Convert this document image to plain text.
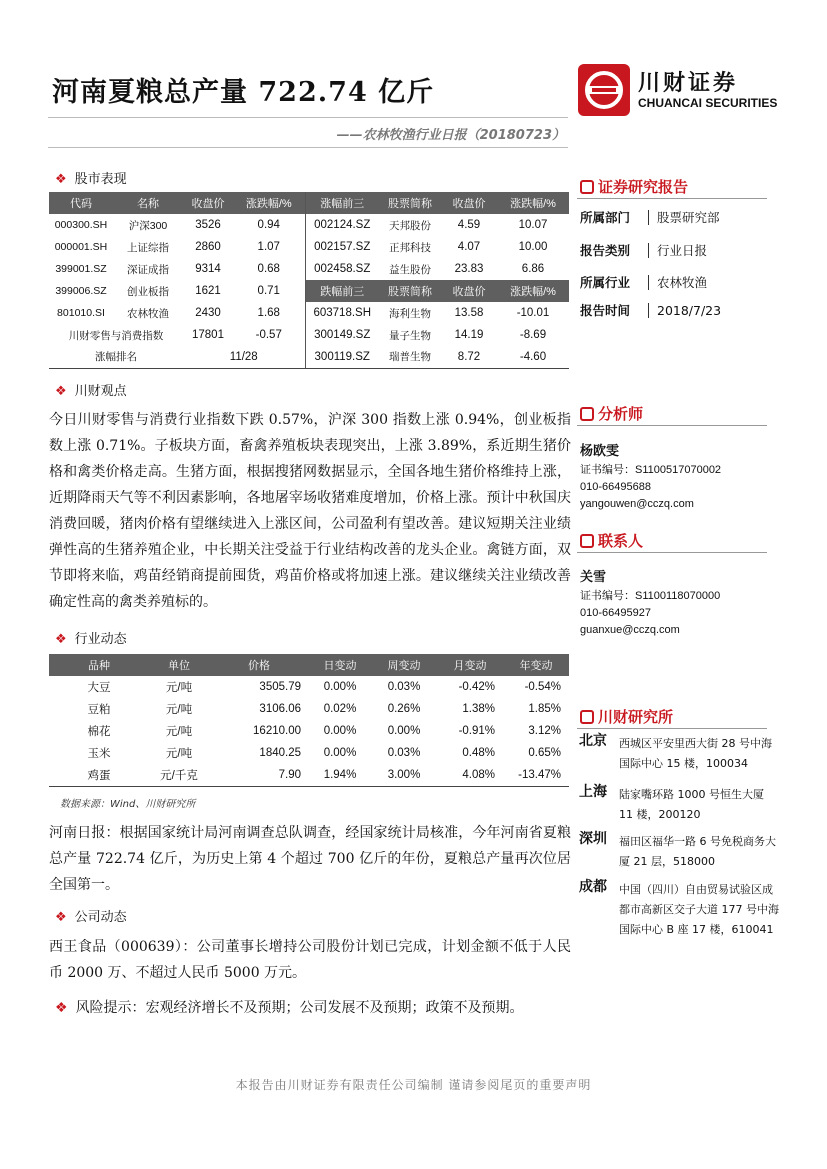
河南夏粮总产量 722.74 亿斤
——农林牧渔行业日报（20180723）
川财证券
CHUANCAI SECURITIES
❖ 股市表现
代码	名称	收盘价	涨跌幅/%	涨幅前三	股票简称	收盘价	涨跌幅/%
000300.SH	沪深300	3526	0.94	002124.SZ	天邦股份	4.59	10.07
000001.SH	上证综指	2860	1.07	002157.SZ	正邦科技	4.07	10.00
399001.SZ	深证成指	9314	0.68	002458.SZ	益生股份	23.83	6.86
399006.SZ	创业板指	1621	0.71	跌幅前三	股票简称	收盘价	涨跌幅/%
801010.SI	农林牧渔	2430	1.68	603718.SH	海利生物	13.58	-10.01
川财零售与消费指数		17801	-0.57	300149.SZ	量子生物	14.19	-8.69
涨幅排名		11/28		300119.SZ	瑞普生物	8.72	-4.60
❖ 川财观点
今日川财零售与消费行业指数下跌 0.57%，沪深 300 指数上涨 0.94%，创业板指数上涨 0.71%。子板块方面，畜禽养殖板块表现突出，上涨 3.89%，系近期生猪价格和禽类价格走高。生猪方面，根据搜猪网数据显示，全国各地生猪价格维持上涨，近期降雨天气等不利因素影响，各地屠宰场收猪难度增加，价格上涨。预计中秋国庆消费回暖，猪肉价格有望继续进入上涨区间，公司盈利有望改善。建议短期关注业绩弹性高的生猪养殖企业，中长期关注受益于行业结构改善的龙头企业。禽链方面，双节即将来临，鸡苗经销商提前囤货，鸡苗价格或将加速上涨。建议继续关注业绩改善确定性高的禽类养殖标的。
❖ 行业动态
品种	单位	价格	日变动	周变动	月变动	年变动
大豆	元/吨	3505.79	0.00%	0.03%	-0.42%	-0.54%
豆粕	元/吨	3106.06	0.02%	0.26%	1.38%	1.85%
棉花	元/吨	16210.00	0.00%	0.00%	-0.91%	3.12%
玉米	元/吨	1840.25	0.00%	0.03%	0.48%	0.65%
鸡蛋	元/千克	7.90	1.94%	3.00%	4.08%	-13.47%
数据来源：Wind、川财研究所
河南日报：根据国家统计局河南调查总队调查，经国家统计局核准，今年河南省夏粮总产量 722.74 亿斤，为历史上第 4 个超过 700 亿斤的年份，夏粮总产量再次位居全国第一。
❖ 公司动态
西王食品（000639）：公司董事长增持公司股份计划已完成，计划金额不低于人民币 2000 万、不超过人民币 5000 万元。
❖ 风险提示：宏观经济增长不及预期；公司发展不及预期；政策不及预期。
证券研究报告
所属部门 股票研究部
报告类别 行业日报
所属行业 农林牧渔
报告时间 2018/7/23
分析师
杨欧雯
证书编号：S1100517070002
010-66495688
yangouwen@cczq.com
联系人
关雪
证书编号：S1100118070000
010-66495927
guanxue@cczq.com
川财研究所
北京 西城区平安里西大街 28 号中海国际中心 15 楼，100034
上海 陆家嘴环路 1000 号恒生大厦 11 楼，200120
深圳 福田区福华一路 6 号免税商务大厦 21 层，518000
成都 中国（四川）自由贸易试验区成都市高新区交子大道 177 号中海国际中心 B 座 17 楼，610041
本报告由川财证券有限责任公司编制 谨请参阅尾页的重要声明
